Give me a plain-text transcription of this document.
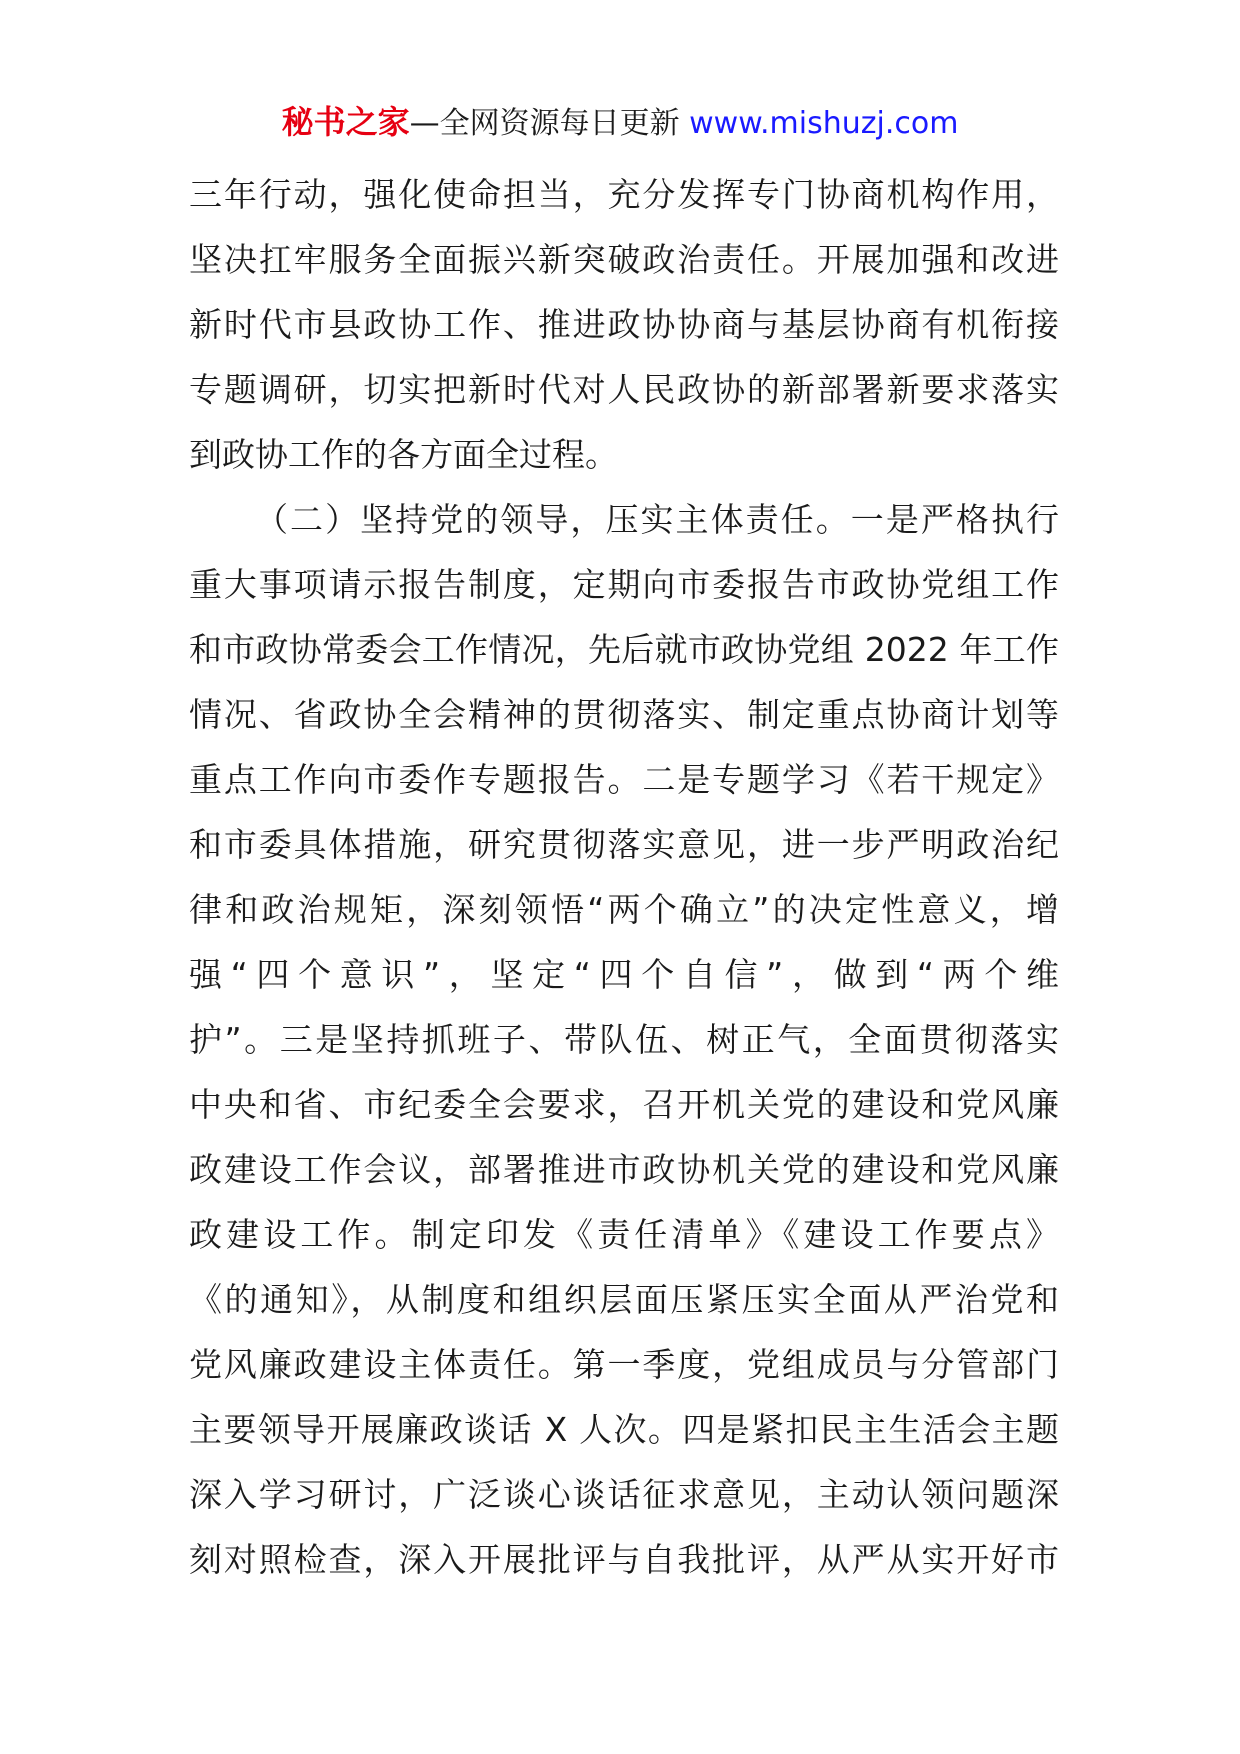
秘书之家—全网资源每日更新 www.mishuzj.com
三年行动，强化使命担当，充分发挥专门协商机构作用，
坚决扛牢服务全面振兴新突破政治责任。开展加强和改进
新时代市县政协工作、推进政协协商与基层协商有机衔接
专题调研，切实把新时代对人民政协的新部署新要求落实
到政协工作的各方面全过程。
（二）坚持党的领导，压实主体责任。一是严格执行
重大事项请示报告制度，定期向市委报告市政协党组工作
和市政协常委会工作情况，先后就市政协党组 2022 年工作
情况、省政协全会精神的贯彻落实、制定重点协商计划等
重点工作向市委作专题报告。二是专题学习《若干规定》
和市委具体措施，研究贯彻落实意见，进一步严明政治纪
律和政治规矩，深刻领悟“两个确立”的决定性意义，增
强“四个意识”，坚定“四个自信”，做到“两个维
护”。三是坚持抓班子、带队伍、树正气，全面贯彻落实
中央和省、市纪委全会要求，召开机关党的建设和党风廉
政建设工作会议，部署推进市政协机关党的建设和党风廉
政建设工作。制定印发《责任清单》《建设工作要点》
《的通知》，从制度和组织层面压紧压实全面从严治党和
党风廉政建设主体责任。第一季度，党组成员与分管部门
主要领导开展廉政谈话 X 人次。四是紧扣民主生活会主题
深入学习研讨，广泛谈心谈话征求意见，主动认领问题深
刻对照检查，深入开展批评与自我批评，从严从实开好市
